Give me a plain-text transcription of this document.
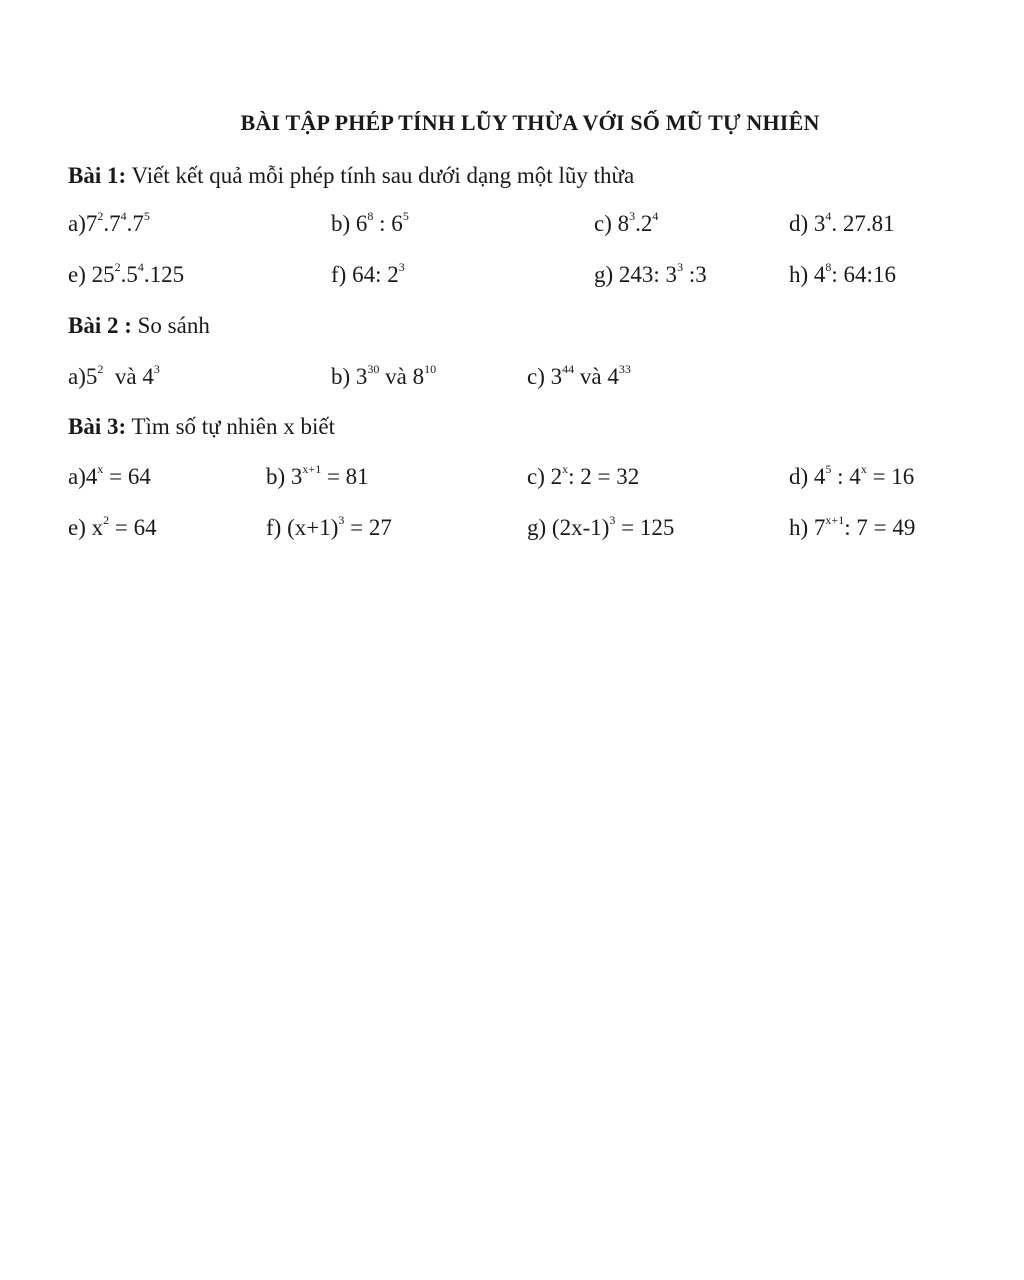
BÀI TẬP PHÉP TÍNH LŨY THỪA VỚI SỐ MŨ TỰ NHIÊN
Bài 1: Viết kết quả mỗi phép tính sau dưới dạng một lũy thừa
$a)7^2.7^4.7^5$	b) $6^8$ : $6^5$	c) $8^3.2^4$	d) $3^4$. 27.81
e) $25^2.5^4.125$	f) 64: $2^3$	g) 243: $3^3$ :3	h) $4^8$: 64:16
Bài 2 : So sánh
$a)5^2$  và $4^3$	b) $3^{30}$ và $8^{10}$	c) $3^{44}$ và $4^{33}$
Bài 3: Tìm số tự nhiên x biết
$a)4^x = 64$	b) $3^{x+1} = 81$	c) 2$^x$: 2 = 32	d) $4^5$ : $4^x = 16$
e) $x^2 = 64$	f) $(x+1)^3 = 27$	g) $(2x-1)^3 = 125$	h) $7^{x+1}$: 7 = 49
